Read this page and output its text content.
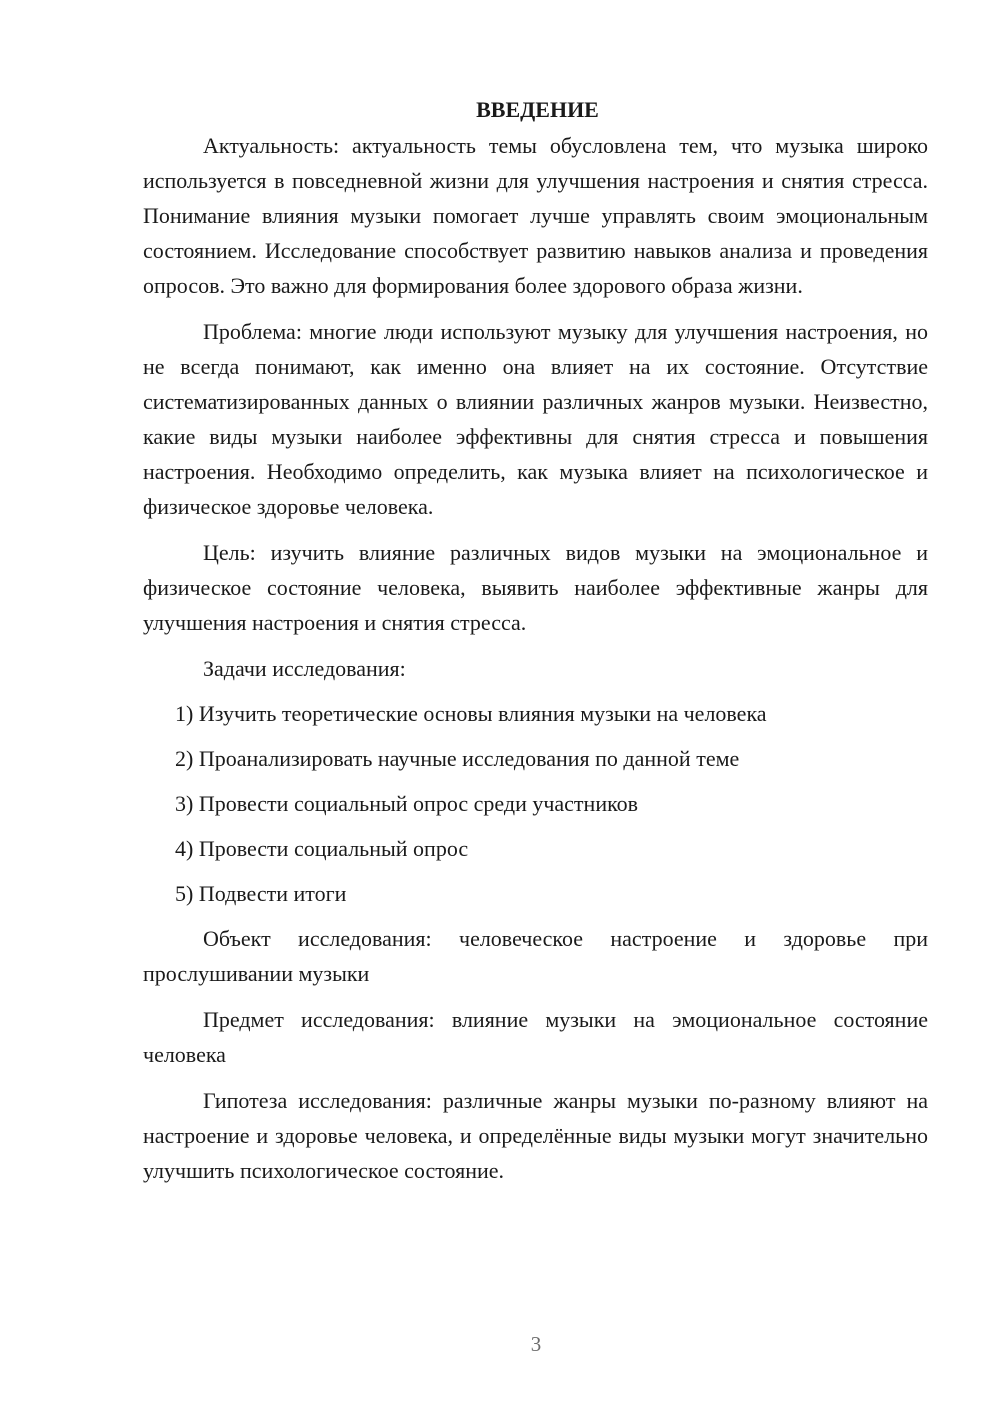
ВВЕДЕНИЕ

Актуальность: актуальность темы обусловлена тем, что музыка широко используется в повседневной жизни для улучшения настроения и снятия стресса. Понимание влияния музыки помогает лучше управлять своим эмоциональным состоянием. Исследование способствует развитию навыков анализа и проведения опросов. Это важно для формирования более здорового образа жизни.

Проблема: многие люди используют музыку для улучшения настроения, но не всегда понимают, как именно она влияет на их состояние. Отсутствие систематизированных данных о влиянии различных жанров музыки. Неизвестно, какие виды музыки наиболее эффективны для снятия стресса и повышения настроения. Необходимо определить, как музыка влияет на психологическое и физическое здоровье человека.

Цель: изучить влияние различных видов музыки на эмоциональное и физическое состояние человека, выявить наиболее эффективные жанры для улучшения настроения и снятия стресса.

Задачи исследования:

1) Изучить теоретические основы влияния музыки на человека
2) Проанализировать научные исследования по данной теме
3) Провести социальный опрос среди участников
4) Провести социальный опрос
5) Подвести итоги

Объект исследования: человеческое настроение и здоровье при прослушивании музыки

Предмет исследования: влияние музыки на эмоциональное состояние человека

Гипотеза исследования: различные жанры музыки по-разному влияют на настроение и здоровье человека, и определённые виды музыки могут значительно улучшить психологическое состояние.

3
